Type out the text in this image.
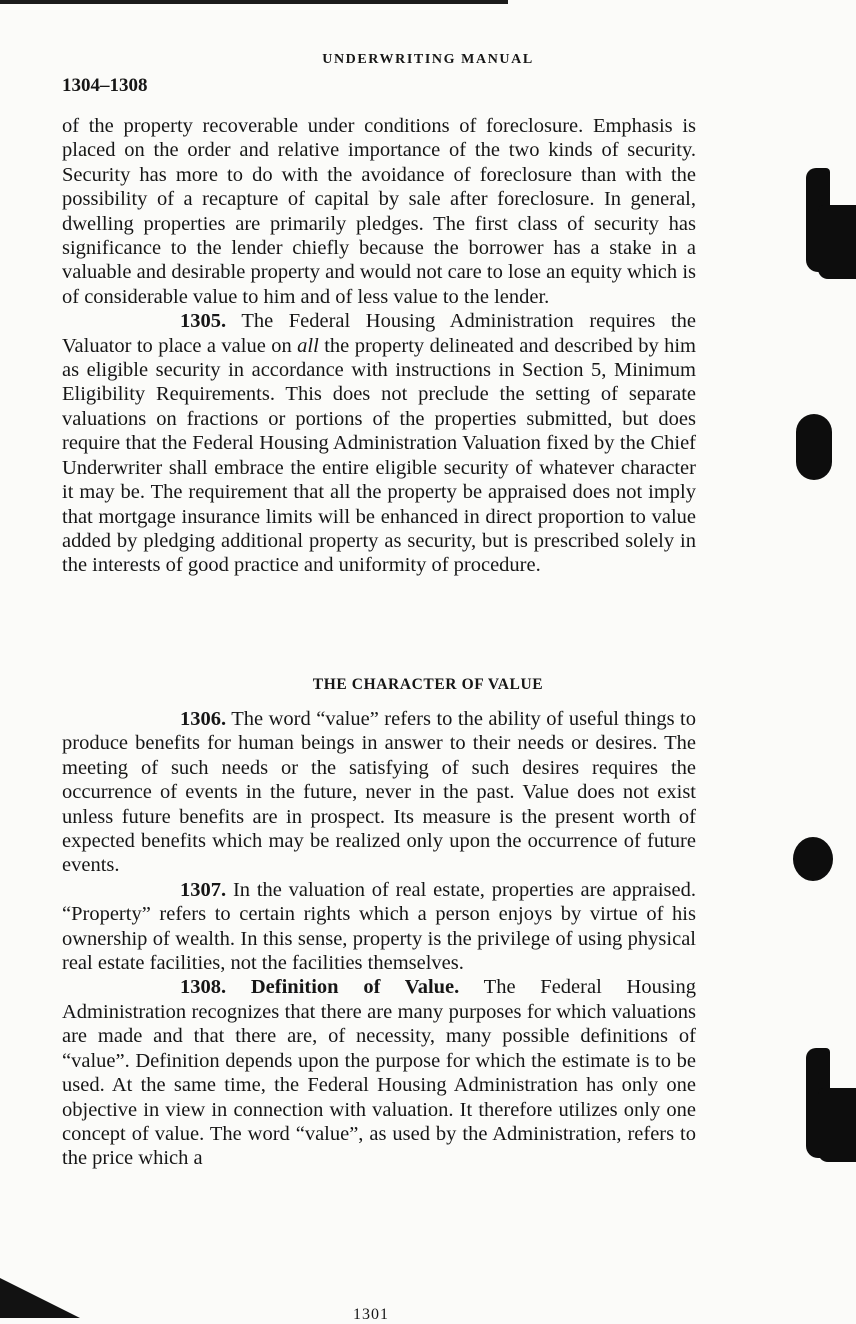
UNDERWRITING MANUAL
1304–1308

of the property recoverable under conditions of foreclosure. Emphasis is placed on the order and relative importance of the two kinds of security. Security has more to do with the avoidance of foreclosure than with the possibility of a recapture of capital by sale after foreclosure. In general, dwelling properties are primarily pledges. The first class of security has significance to the lender chiefly because the borrower has a stake in a valuable and desirable property and would not care to lose an equity which is of considerable value to him and of less value to the lender.

1305. The Federal Housing Administration requires the Valuator to place a value on all the property delineated and described by him as eligible security in accordance with instructions in Section 5, Minimum Eligibility Requirements. This does not preclude the setting of separate valuations on fractions or portions of the properties submitted, but does require that the Federal Housing Administration Valuation fixed by the Chief Underwriter shall embrace the entire eligible security of whatever character it may be. The requirement that all the property be appraised does not imply that mortgage insurance limits will be enhanced in direct proportion to value added by pledging additional property as security, but is prescribed solely in the interests of good practice and uniformity of procedure.

THE CHARACTER OF VALUE

1306. The word “value” refers to the ability of useful things to produce benefits for human beings in answer to their needs or desires. The meeting of such needs or the satisfying of such desires requires the occurrence of events in the future, never in the past. Value does not exist unless future benefits are in prospect. Its measure is the present worth of expected benefits which may be realized only upon the occurrence of future events.

1307. In the valuation of real estate, properties are appraised. “Property” refers to certain rights which a person enjoys by virtue of his ownership of wealth. In this sense, property is the privilege of using physical real estate facilities, not the facilities themselves.

1308. Definition of Value. The Federal Housing Administration recognizes that there are many purposes for which valuations are made and that there are, of necessity, many possible definitions of “value”. Definition depends upon the purpose for which the estimate is to be used. At the same time, the Federal Housing Administration has only one objective in view in connection with valuation. It therefore utilizes only one concept of value. The word “value”, as used by the Administration, refers to the price which a

1301
